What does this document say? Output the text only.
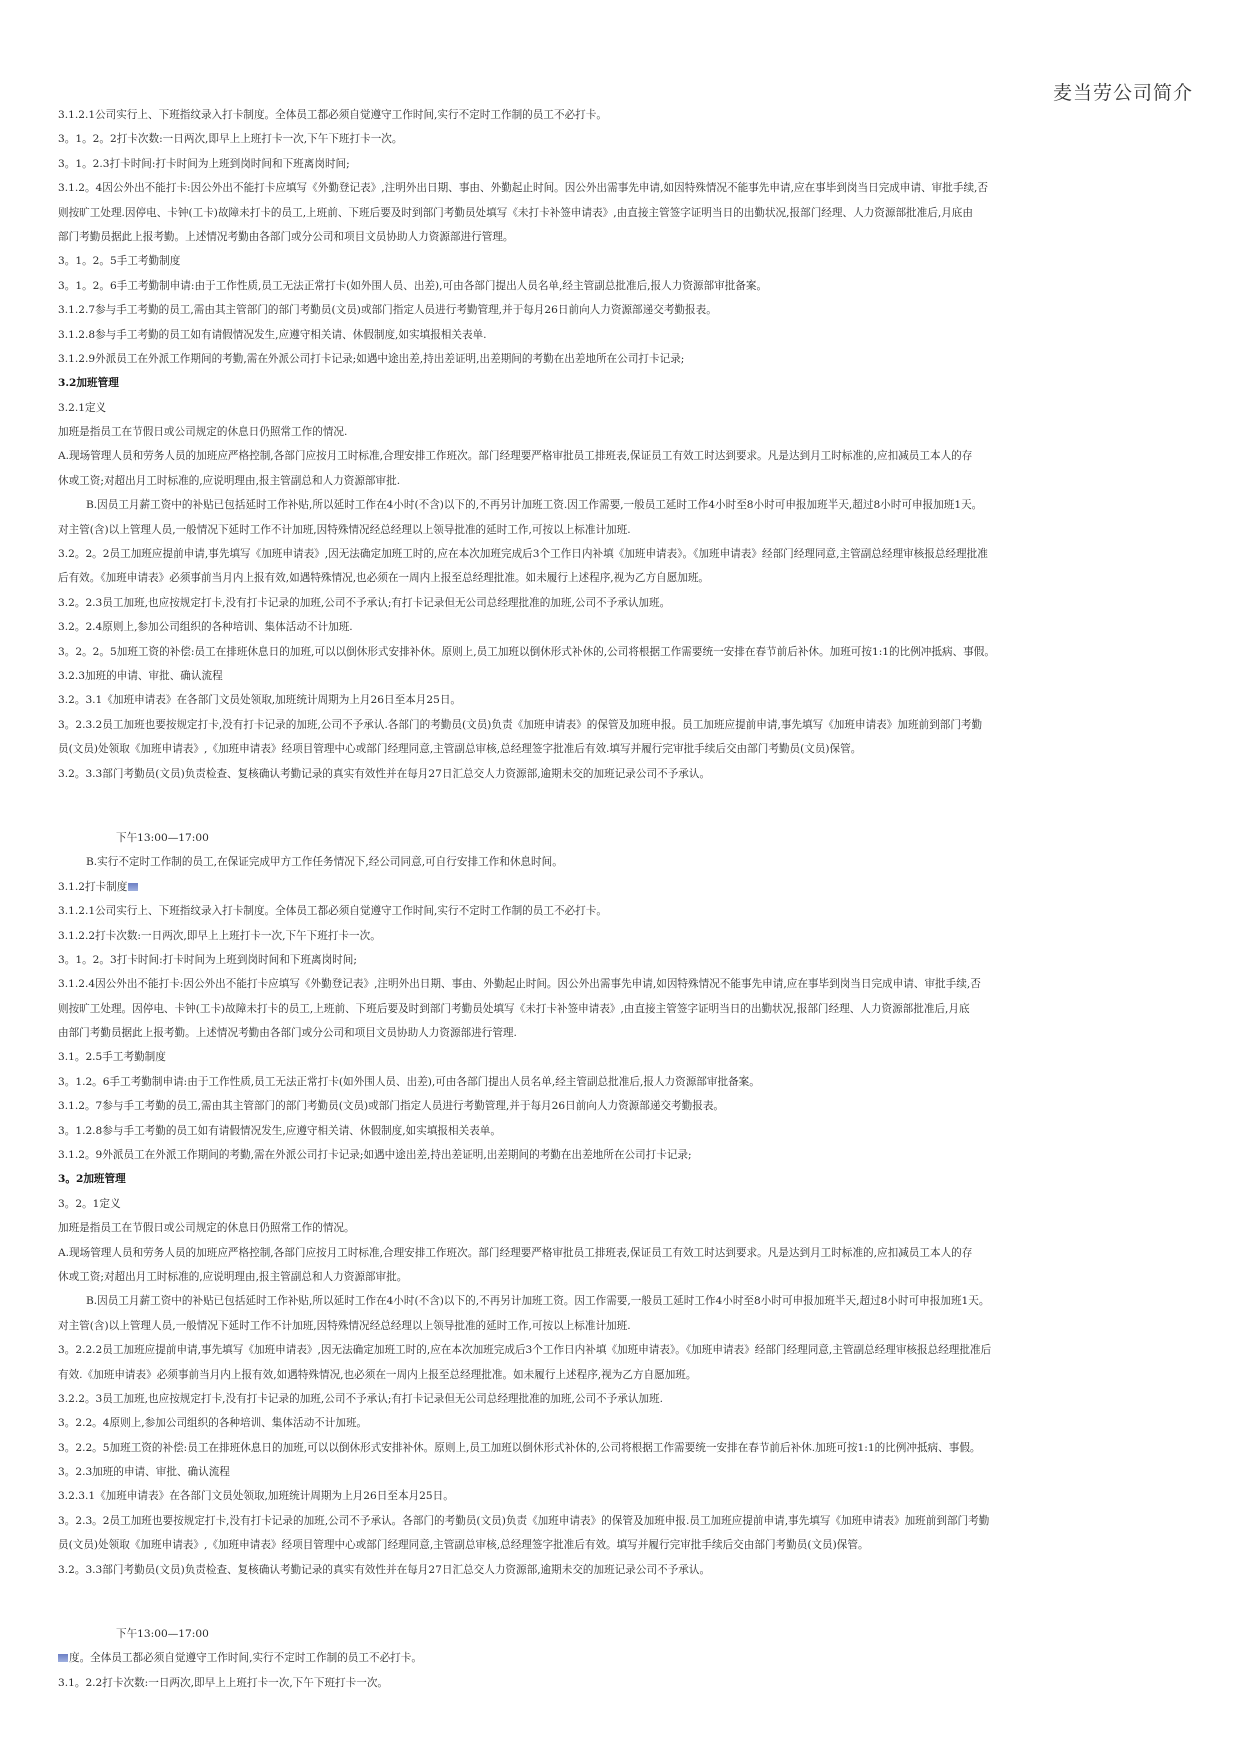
麦当劳公司简介
3.1.2.1公司实行上、下班指纹录入打卡制度。全体员工都必须自觉遵守工作时间,实行不定时工作制的员工不必打卡。
3。1。2。2打卡次数:一日两次,即早上上班打卡一次,下午下班打卡一次。
3。1。2.3打卡时间:打卡时间为上班到岗时间和下班离岗时间;
3.1.2。4因公外出不能打卡:因公外出不能打卡应填写《外勤登记表》,注明外出日期、事由、外勤起止时间。因公外出需事先申请,如因特殊情况不能事先申请,应在事毕到岗当日完成申请、审批手续,否
则按旷工处理.因停电、卡钟(工卡)故障未打卡的员工,上班前、下班后要及时到部门考勤员处填写《未打卡补签申请表》,由直接主管签字证明当日的出勤状况,报部门经理、人力资源部批准后,月底由
部门考勤员据此上报考勤。上述情况考勤由各部门或分公司和项目文员协助人力资源部进行管理。
3。1。2。5手工考勤制度
3。1。2。6手工考勤制申请:由于工作性质,员工无法正常打卡(如外围人员、出差),可由各部门提出人员名单,经主管副总批准后,报人力资源部审批备案。
3.1.2.7参与手工考勤的员工,需由其主管部门的部门考勤员(文员)或部门指定人员进行考勤管理,并于每月26日前向人力资源部递交考勤报表。
3.1.2.8参与手工考勤的员工如有请假情况发生,应遵守相关请、休假制度,如实填报相关表单.
3.1.2.9外派员工在外派工作期间的考勤,需在外派公司打卡记录;如遇中途出差,持出差证明,出差期间的考勤在出差地所在公司打卡记录;
3.2加班管理
3.2.1定义
加班是指员工在节假日或公司规定的休息日仍照常工作的情况.
A.现场管理人员和劳务人员的加班应严格控制,各部门应按月工时标准,合理安排工作班次。部门经理要严格审批员工排班表,保证员工有效工时达到要求。凡是达到月工时标准的,应扣减员工本人的存
休或工资;对超出月工时标准的,应说明理由,报主管副总和人力资源部审批.
B.因员工月薪工资中的补贴已包括延时工作补贴,所以延时工作在4小时(不含)以下的,不再另计加班工资.因工作需要,一般员工延时工作4小时至8小时可申报加班半天,超过8小时可申报加班1天。
对主管(含)以上管理人员,一般情况下延时工作不计加班,因特殊情况经总经理以上领导批准的延时工作,可按以上标准计加班.
3.2。2。2员工加班应提前申请,事先填写《加班申请表》,因无法确定加班工时的,应在本次加班完成后3个工作日内补填《加班申请表》。《加班申请表》经部门经理同意,主管副总经理审核报总经理批准
后有效。《加班申请表》必须事前当月内上报有效,如遇特殊情况,也必须在一周内上报至总经理批准。如未履行上述程序,视为乙方自愿加班。
3.2。2.3员工加班,也应按规定打卡,没有打卡记录的加班,公司不予承认;有打卡记录但无公司总经理批准的加班,公司不予承认加班。
3.2。2.4原则上,参加公司组织的各种培训、集体活动不计加班.
3。2。2。5加班工资的补偿:员工在排班休息日的加班,可以以倒休形式安排补休。原则上,员工加班以倒休形式补休的,公司将根据工作需要统一安排在春节前后补休。加班可按1:1的比例冲抵病、事假。
3.2.3加班的申请、审批、确认流程
3.2。3.1《加班申请表》在各部门文员处领取,加班统计周期为上月26日至本月25日。
3。2.3.2员工加班也要按规定打卡,没有打卡记录的加班,公司不予承认.各部门的考勤员(文员)负责《加班申请表》的保管及加班申报。员工加班应提前申请,事先填写《加班申请表》加班前到部门考勤
员(文员)处领取《加班申请表》,《加班申请表》经项目管理中心或部门经理同意,主管副总审核,总经理签字批准后有效.填写并履行完审批手续后交由部门考勤员(文员)保管。
3.2。3.3部门考勤员(文员)负责检查、复核确认考勤记录的真实有效性并在每月27日汇总交人力资源部,逾期未交的加班记录公司不予承认。
下午13:00—17:00
B.实行不定时工作制的员工,在保证完成甲方工作任务情况下,经公司同意,可自行安排工作和休息时间。
3.1.2打卡制度
3.1.2.1公司实行上、下班指纹录入打卡制度。全体员工都必须自觉遵守工作时间,实行不定时工作制的员工不必打卡。
3.1.2.2打卡次数:一日两次,即早上上班打卡一次,下午下班打卡一次。
3。1。2。3打卡时间:打卡时间为上班到岗时间和下班离岗时间;
3.1.2.4因公外出不能打卡:因公外出不能打卡应填写《外勤登记表》,注明外出日期、事由、外勤起止时间。因公外出需事先申请,如因特殊情况不能事先申请,应在事毕到岗当日完成申请、审批手续,否
则按旷工处理。因停电、卡钟(工卡)故障未打卡的员工,上班前、下班后要及时到部门考勤员处填写《未打卡补签申请表》,由直接主管签字证明当日的出勤状况,报部门经理、人力资源部批准后,月底
由部门考勤员据此上报考勤。上述情况考勤由各部门或分公司和项目文员协助人力资源部进行管理.
3.1。2.5手工考勤制度
3。1.2。6手工考勤制申请:由于工作性质,员工无法正常打卡(如外围人员、出差),可由各部门提出人员名单,经主管副总批准后,报人力资源部审批备案。
3.1.2。7参与手工考勤的员工,需由其主管部门的部门考勤员(文员)或部门指定人员进行考勤管理,并于每月26日前向人力资源部递交考勤报表。
3。1.2.8参与手工考勤的员工如有请假情况发生,应遵守相关请、休假制度,如实填报相关表单。
3.1.2。9外派员工在外派工作期间的考勤,需在外派公司打卡记录;如遇中途出差,持出差证明,出差期间的考勤在出差地所在公司打卡记录;
3。2加班管理
3。2。1定义
加班是指员工在节假日或公司规定的休息日仍照常工作的情况。
A.现场管理人员和劳务人员的加班应严格控制,各部门应按月工时标准,合理安排工作班次。部门经理要严格审批员工排班表,保证员工有效工时达到要求。凡是达到月工时标准的,应扣减员工本人的存
休或工资;对超出月工时标准的,应说明理由,报主管副总和人力资源部审批。
B.因员工月薪工资中的补贴已包括延时工作补贴,所以延时工作在4小时(不含)以下的,不再另计加班工资。因工作需要,一般员工延时工作4小时至8小时可申报加班半天,超过8小时可申报加班1天。
对主管(含)以上管理人员,一般情况下延时工作不计加班,因特殊情况经总经理以上领导批准的延时工作,可按以上标准计加班.
3。2.2.2员工加班应提前申请,事先填写《加班申请表》,因无法确定加班工时的,应在本次加班完成后3个工作日内补填《加班申请表》。《加班申请表》经部门经理同意,主管副总经理审核报总经理批准后
有效.《加班申请表》必须事前当月内上报有效,如遇特殊情况,也必须在一周内上报至总经理批准。如未履行上述程序,视为乙方自愿加班。
3.2.2。3员工加班,也应按规定打卡,没有打卡记录的加班,公司不予承认;有打卡记录但无公司总经理批准的加班,公司不予承认加班.
3。2.2。4原则上,参加公司组织的各种培训、集体活动不计加班。
3。2.2。5加班工资的补偿:员工在排班休息日的加班,可以以倒休形式安排补休。原则上,员工加班以倒休形式补休的,公司将根据工作需要统一安排在春节前后补休.加班可按1:1的比例冲抵病、事假。
3。2.3加班的申请、审批、确认流程
3.2.3.1《加班申请表》在各部门文员处领取,加班统计周期为上月26日至本月25日。
3。2.3。2员工加班也要按规定打卡,没有打卡记录的加班,公司不予承认。各部门的考勤员(文员)负责《加班申请表》的保管及加班申报.员工加班应提前申请,事先填写《加班申请表》加班前到部门考勤
员(文员)处领取《加班申请表》,《加班申请表》经项目管理中心或部门经理同意,主管副总审核,总经理签字批准后有效。填写并履行完审批手续后交由部门考勤员(文员)保管。
3.2。3.3部门考勤员(文员)负责检查、复核确认考勤记录的真实有效性并在每月27日汇总交人力资源部,逾期未交的加班记录公司不予承认。
下午13:00—17:00
度。全体员工都必须自觉遵守工作时间,实行不定时工作制的员工不必打卡。
3.1。2.2打卡次数:一日两次,即早上上班打卡一次,下午下班打卡一次。
